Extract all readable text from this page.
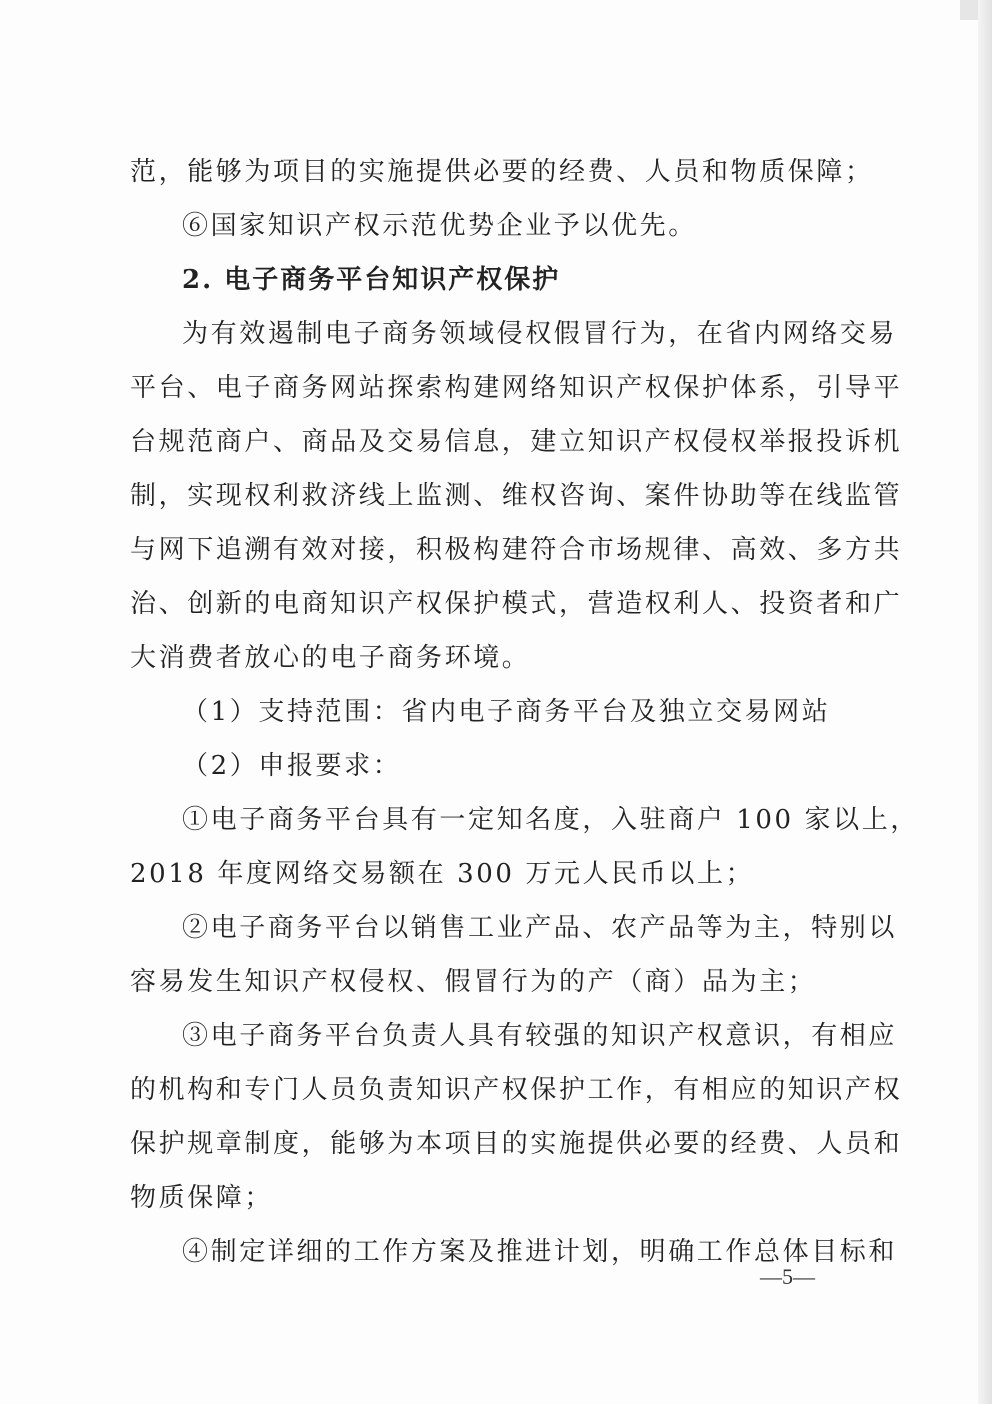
范，能够为项目的实施提供必要的经费、人员和物质保障；
⑥国家知识产权示范优势企业予以优先。
2. 电子商务平台知识产权保护
为有效遏制电子商务领域侵权假冒行为，在省内网络交易
平台、电子商务网站探索构建网络知识产权保护体系，引导平
台规范商户、商品及交易信息，建立知识产权侵权举报投诉机
制，实现权利救济线上监测、维权咨询、案件协助等在线监管
与网下追溯有效对接，积极构建符合市场规律、高效、多方共
治、创新的电商知识产权保护模式，营造权利人、投资者和广
大消费者放心的电子商务环境。
（1）支持范围：省内电子商务平台及独立交易网站
（2）申报要求：
①电子商务平台具有一定知名度，入驻商户 100 家以上，
2018 年度网络交易额在 300 万元人民币以上；
②电子商务平台以销售工业产品、农产品等为主，特别以
容易发生知识产权侵权、假冒行为的产（商）品为主；
③电子商务平台负责人具有较强的知识产权意识，有相应
的机构和专门人员负责知识产权保护工作，有相应的知识产权
保护规章制度，能够为本项目的实施提供必要的经费、人员和
物质保障；
④制定详细的工作方案及推进计划，明确工作总体目标和
—5—
